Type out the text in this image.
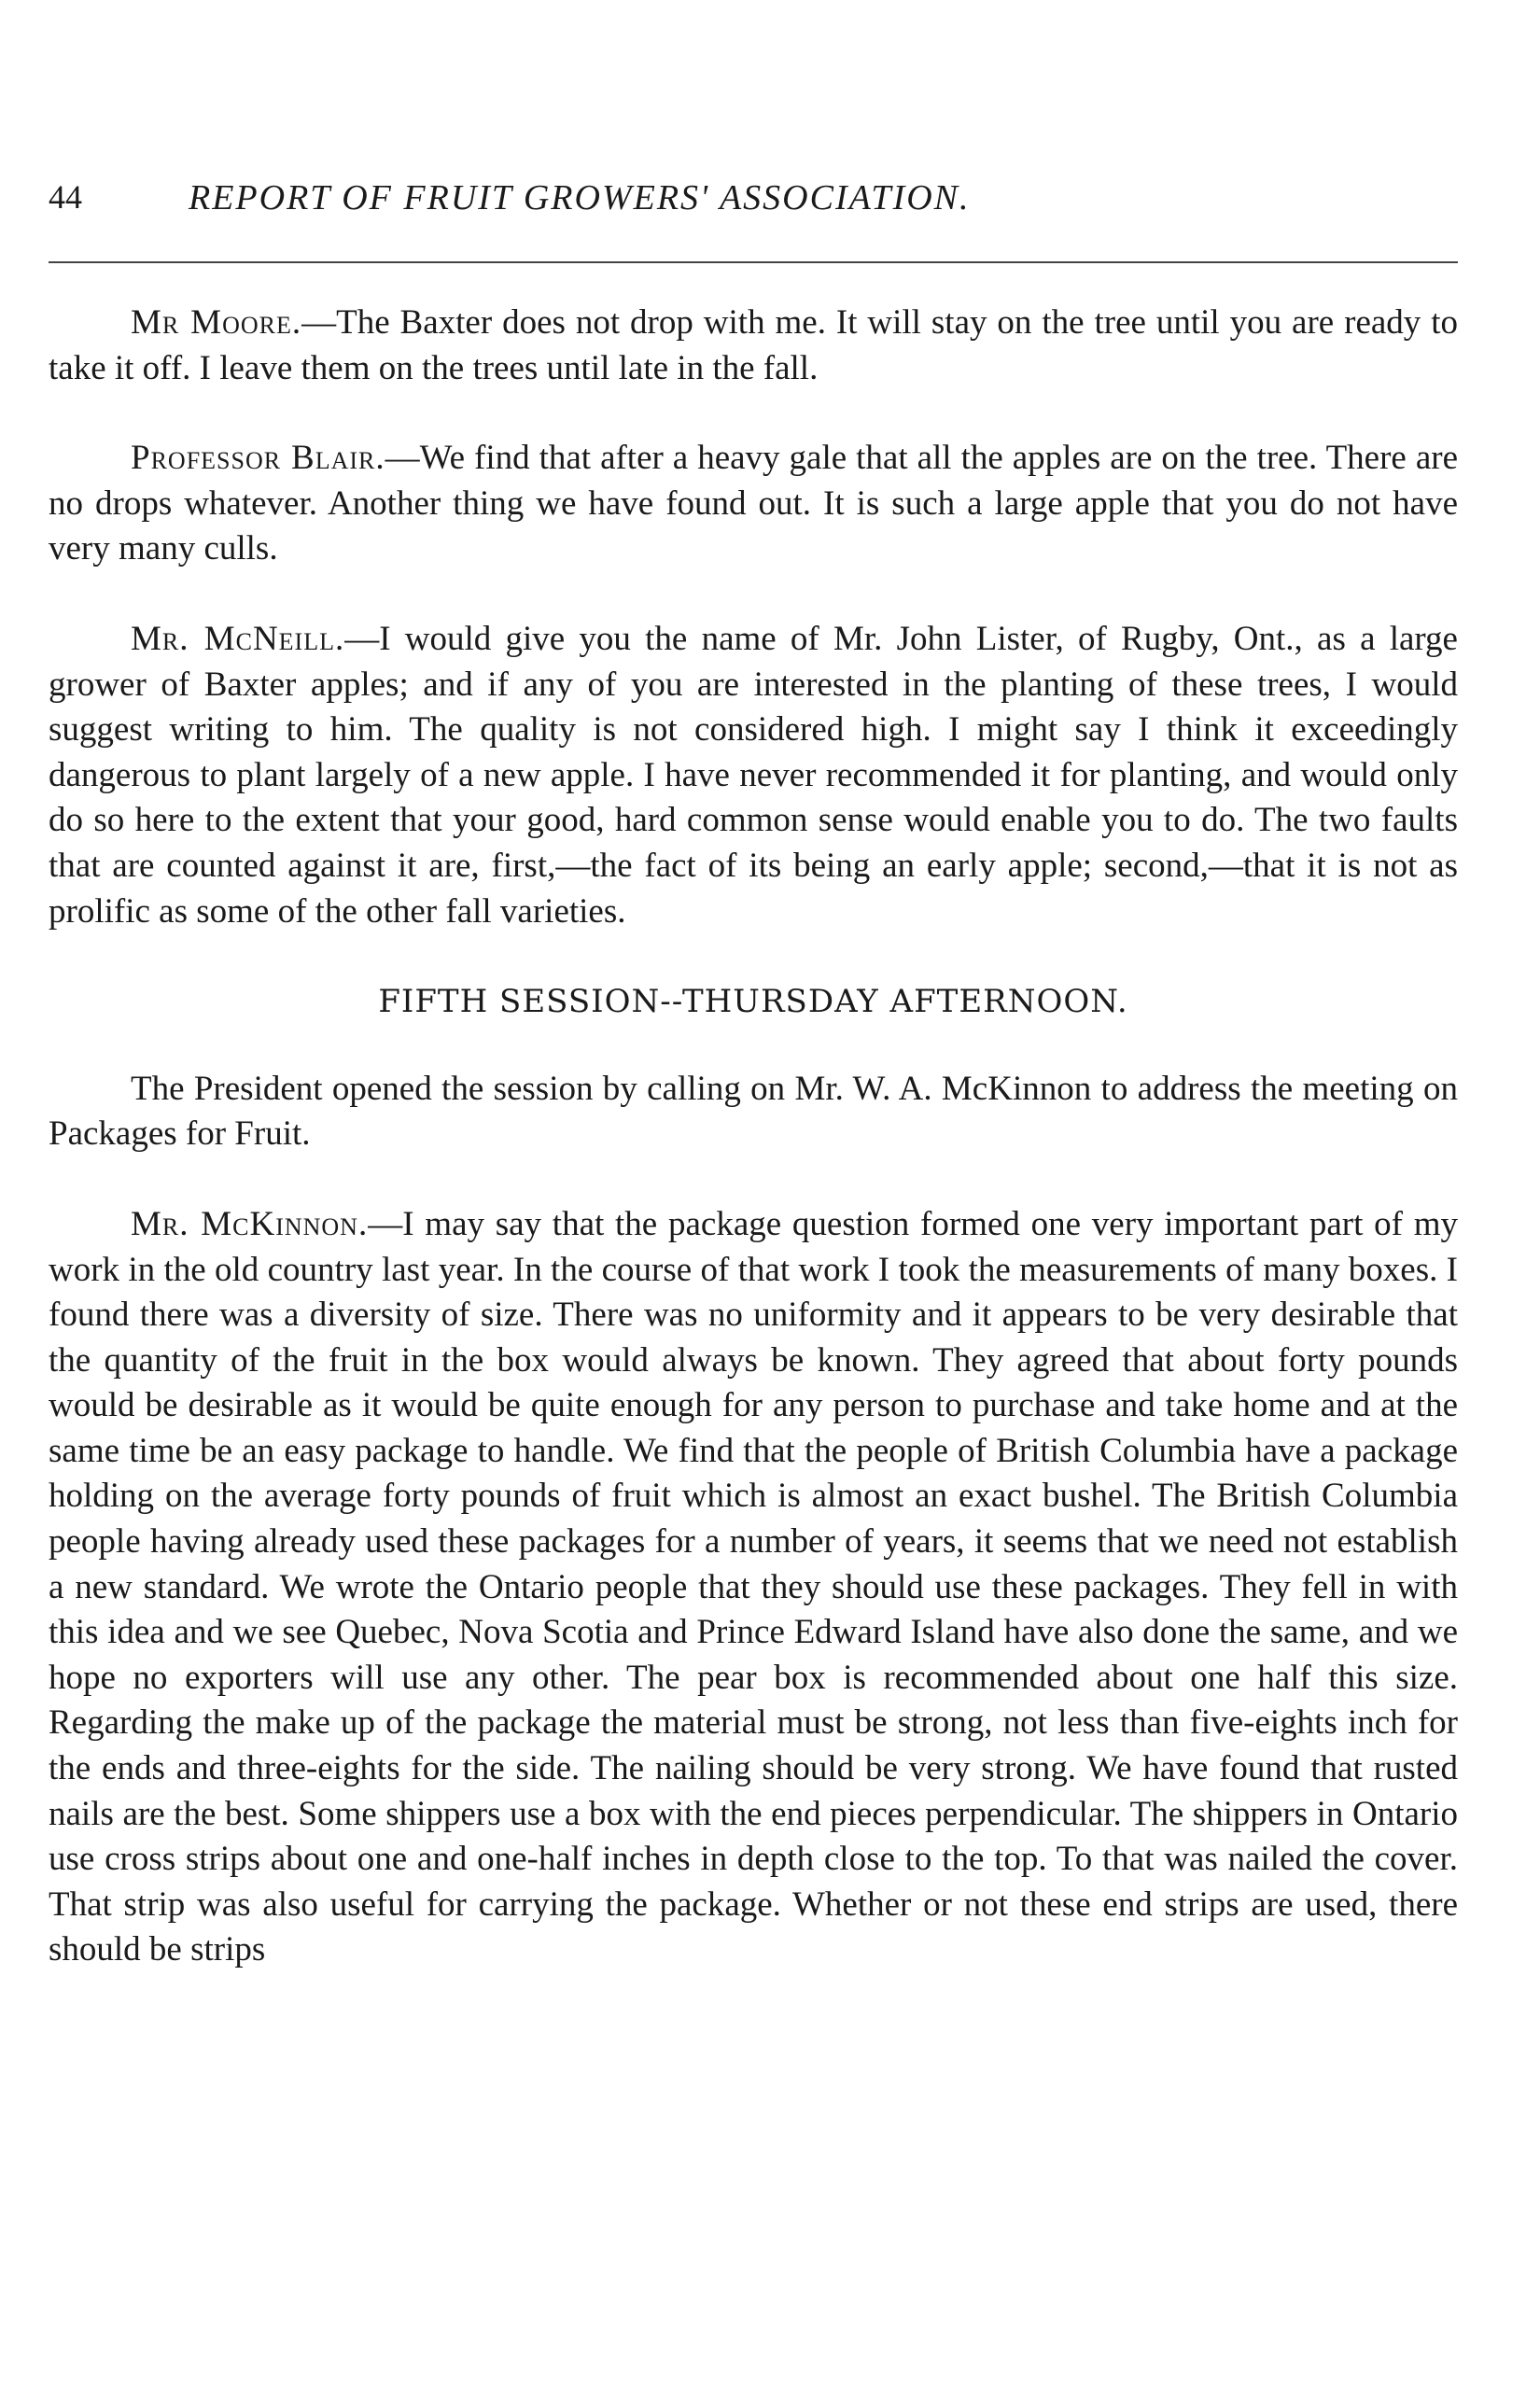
44	REPORT OF FRUIT GROWERS' ASSOCIATION.

Mr Moore.—The Baxter does not drop with me. It will stay on the tree until you are ready to take it off. I leave them on the trees until late in the fall.

Professor Blair.—We find that after a heavy gale that all the apples are on the tree. There are no drops whatever. Another thing we have found out. It is such a large apple that you do not have very many culls.

Mr. McNeill.—I would give you the name of Mr. John Lister, of Rugby, Ont., as a large grower of Baxter apples; and if any of you are interested in the planting of these trees, I would suggest writing to him. The quality is not considered high. I might say I think it exceedingly dangerous to plant largely of a new apple. I have never recommended it for planting, and would only do so here to the extent that your good, hard common sense would enable you to do. The two faults that are counted against it are, first,—the fact of its being an early apple; second,—that it is not as prolific as some of the other fall varieties.

FIFTH SESSION--THURSDAY AFTERNOON.

The President opened the session by calling on Mr. W. A. McKinnon to address the meeting on Packages for Fruit.

Mr. McKinnon.—I may say that the package question formed one very important part of my work in the old country last year. In the course of that work I took the measurements of many boxes. I found there was a diversity of size. There was no uniformity and it appears to be very desirable that the quantity of the fruit in the box would always be known. They agreed that about forty pounds would be desirable as it would be quite enough for any person to purchase and take home and at the same time be an easy package to handle. We find that the people of British Columbia have a package holding on the average forty pounds of fruit which is almost an exact bushel. The British Columbia people having already used these packages for a number of years, it seems that we need not establish a new standard. We wrote the Ontario people that they should use these packages. They fell in with this idea and we see Quebec, Nova Scotia and Prince Edward Island have also done the same, and we hope no exporters will use any other. The pear box is recommended about one half this size. Regarding the make up of the package the material must be strong, not less than five-eights inch for the ends and three-eights for the side. The nailing should be very strong. We have found that rusted nails are the best. Some shippers use a box with the end pieces perpendicular. The shippers in Ontario use cross strips about one and one-half inches in depth close to the top. To that was nailed the cover. That strip was also useful for carrying the package. Whether or not these end strips are used, there should be strips
